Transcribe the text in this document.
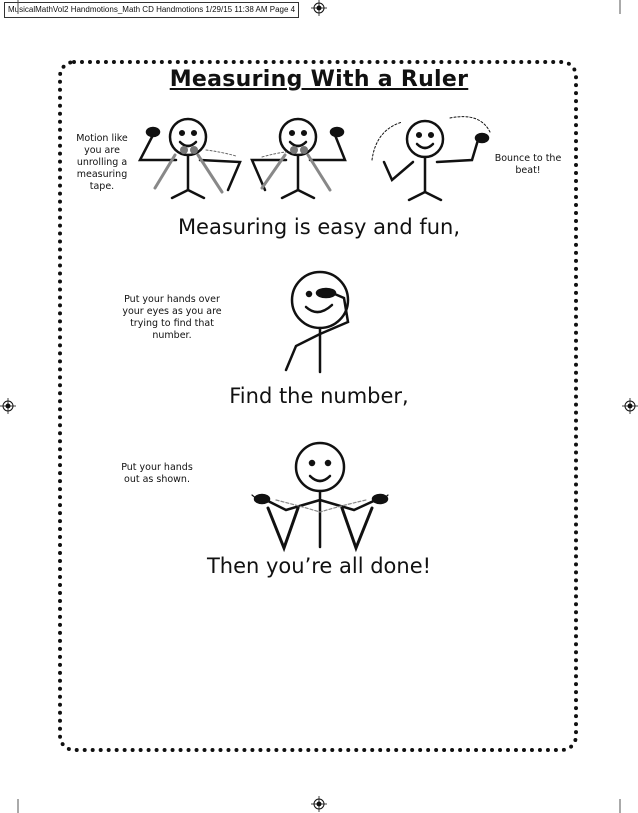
MusicalMathVol2 Handmotions_Math CD Handmotions 1/29/15 11:38 AM Page 4
Measuring With a Ruler
Motion like you are unrolling a measuring tape.
Bounce to the beat!
Measuring is easy and fun,
Put your hands over your eyes as you are trying to find that number.
Find the number,
Put your hands out as shown.
Then you’re all done!
